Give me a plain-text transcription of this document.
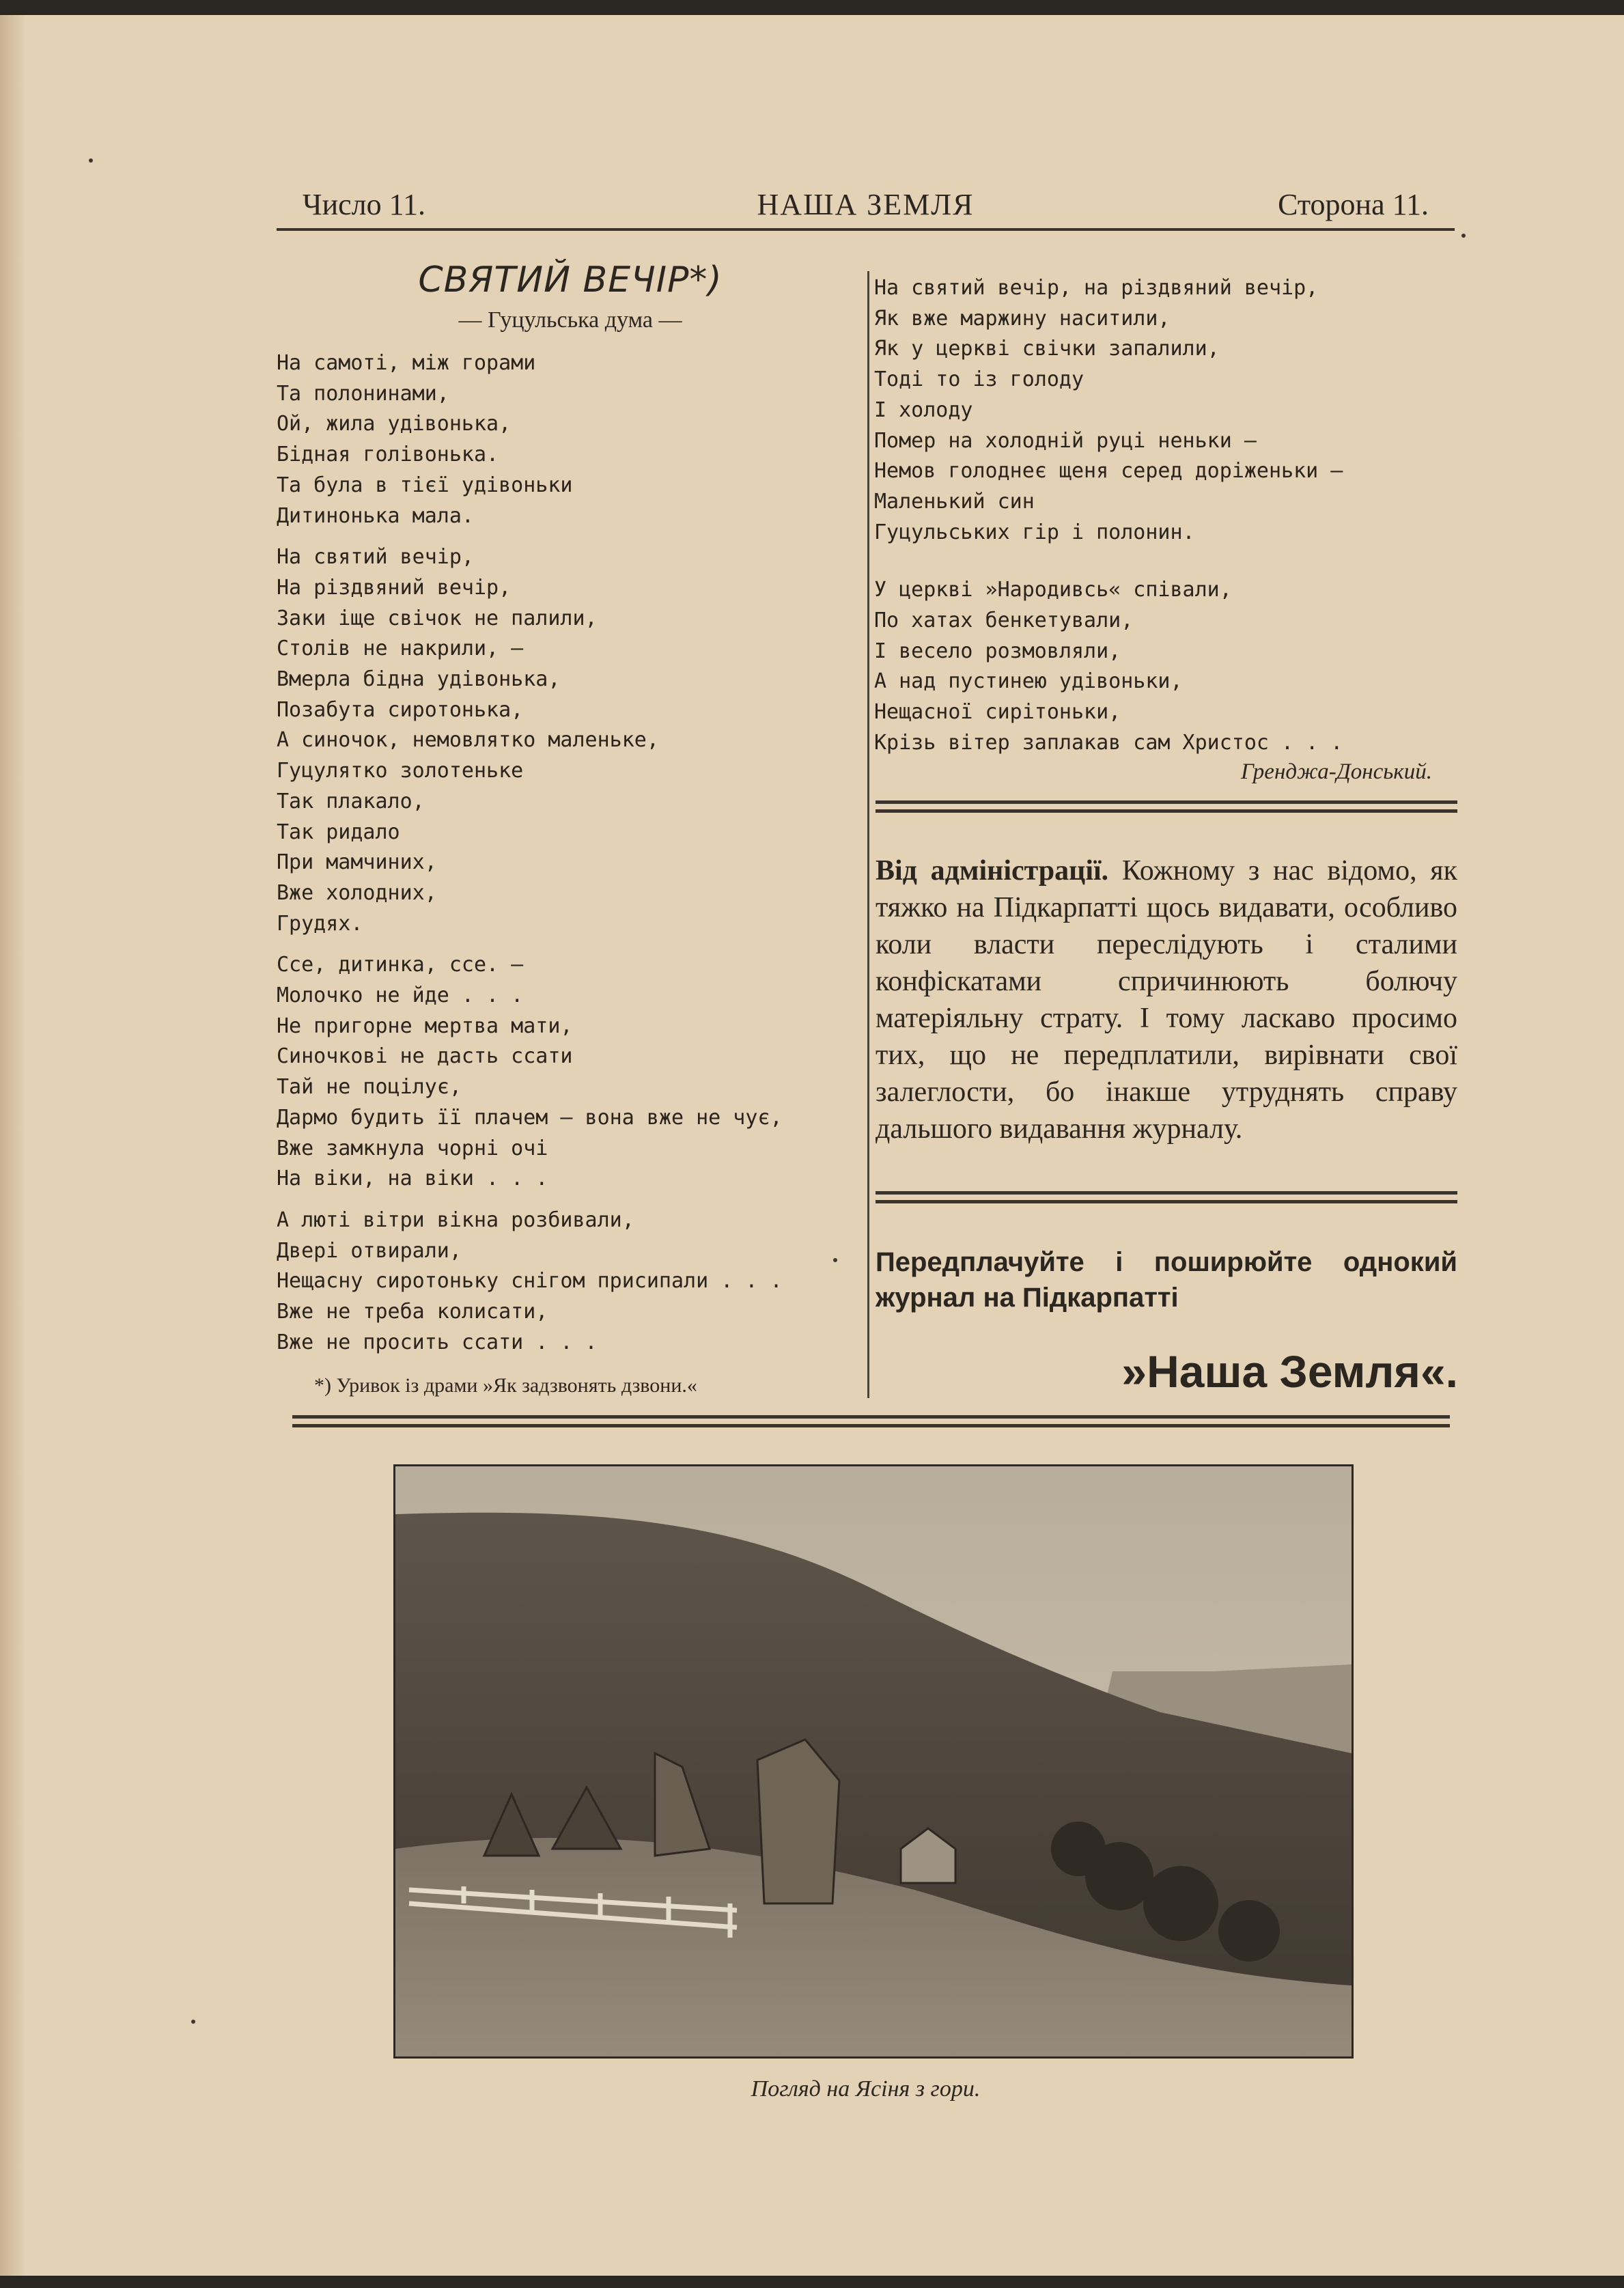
Число 11.	НАША ЗЕМЛЯ	Сторона 11.
СВЯТИЙ ВЕЧІР*)
— Гуцульська дума —
На самоті, між горами
Та полонинами,
Ой, жила удівонька,
Бідная голівонька.
Та була в тієї удівоньки
Дитинонька мала.
На святий вечір,
На різдвяний вечір,
Заки іще свічок не палили,
Столів не накрили, —
Вмерла бідна удівонька,
Позабута сиротонька,
А синочок, немовлятко маленьке,
Гуцулятко золотеньке
Так плакало,
Так ридало
При мамчиних,
Вже холодних,
Грудях.
Ссе, дитинка, ссе. —
Молочко не йде . . .
Не пригорне мертва мати,
Синочкові не дасть ссати
Тай не поцілує,
Дармо будить її плачем — вона вже не чує,
Вже замкнула чорні очі
На віки, на віки . . .
А люті вітри вікна розбивали,
Двері отвирали,
Нещасну сиротоньку снігом присипали . . .
Вже не треба колисати,
Вже не просить ссати . . .
*) Уривок із драми »Як задзвонять дзвони.«
На святий вечір, на різдвяний вечір,
Як вже маржину наситили,
Як у церкві свічки запалили,
Тоді то із голоду
І холоду
Помер на холодній руці неньки —
Немов голоднеє щеня серед доріженьки —
Маленький син
Гуцульських гір і полонин.
У церкві »Народивсь« співали,
По хатах бенкетували,
І весело розмовляли,
А над пустинею удівоньки,
Нещасної сирітоньки,
Крізь вітер заплакав сам Христос . . .
Гренджа-Донський.
Від адміністрації. Кожному з нас відомо, як тяжко на Підкарпатті щось видавати, особливо коли власти переслідують і сталими конфіскатами спричинюють болючу матеріяльну страту. І тому ласкаво просимо тих, що не передплатили, вирівнати свої залеглости, бо інакше утруднять справу дальшого видавання журналу.
Передплачуйте і поширюйте однокий журнал на Підкарпатті
»Наша Земля«.
Погляд на Ясіня з гори.
